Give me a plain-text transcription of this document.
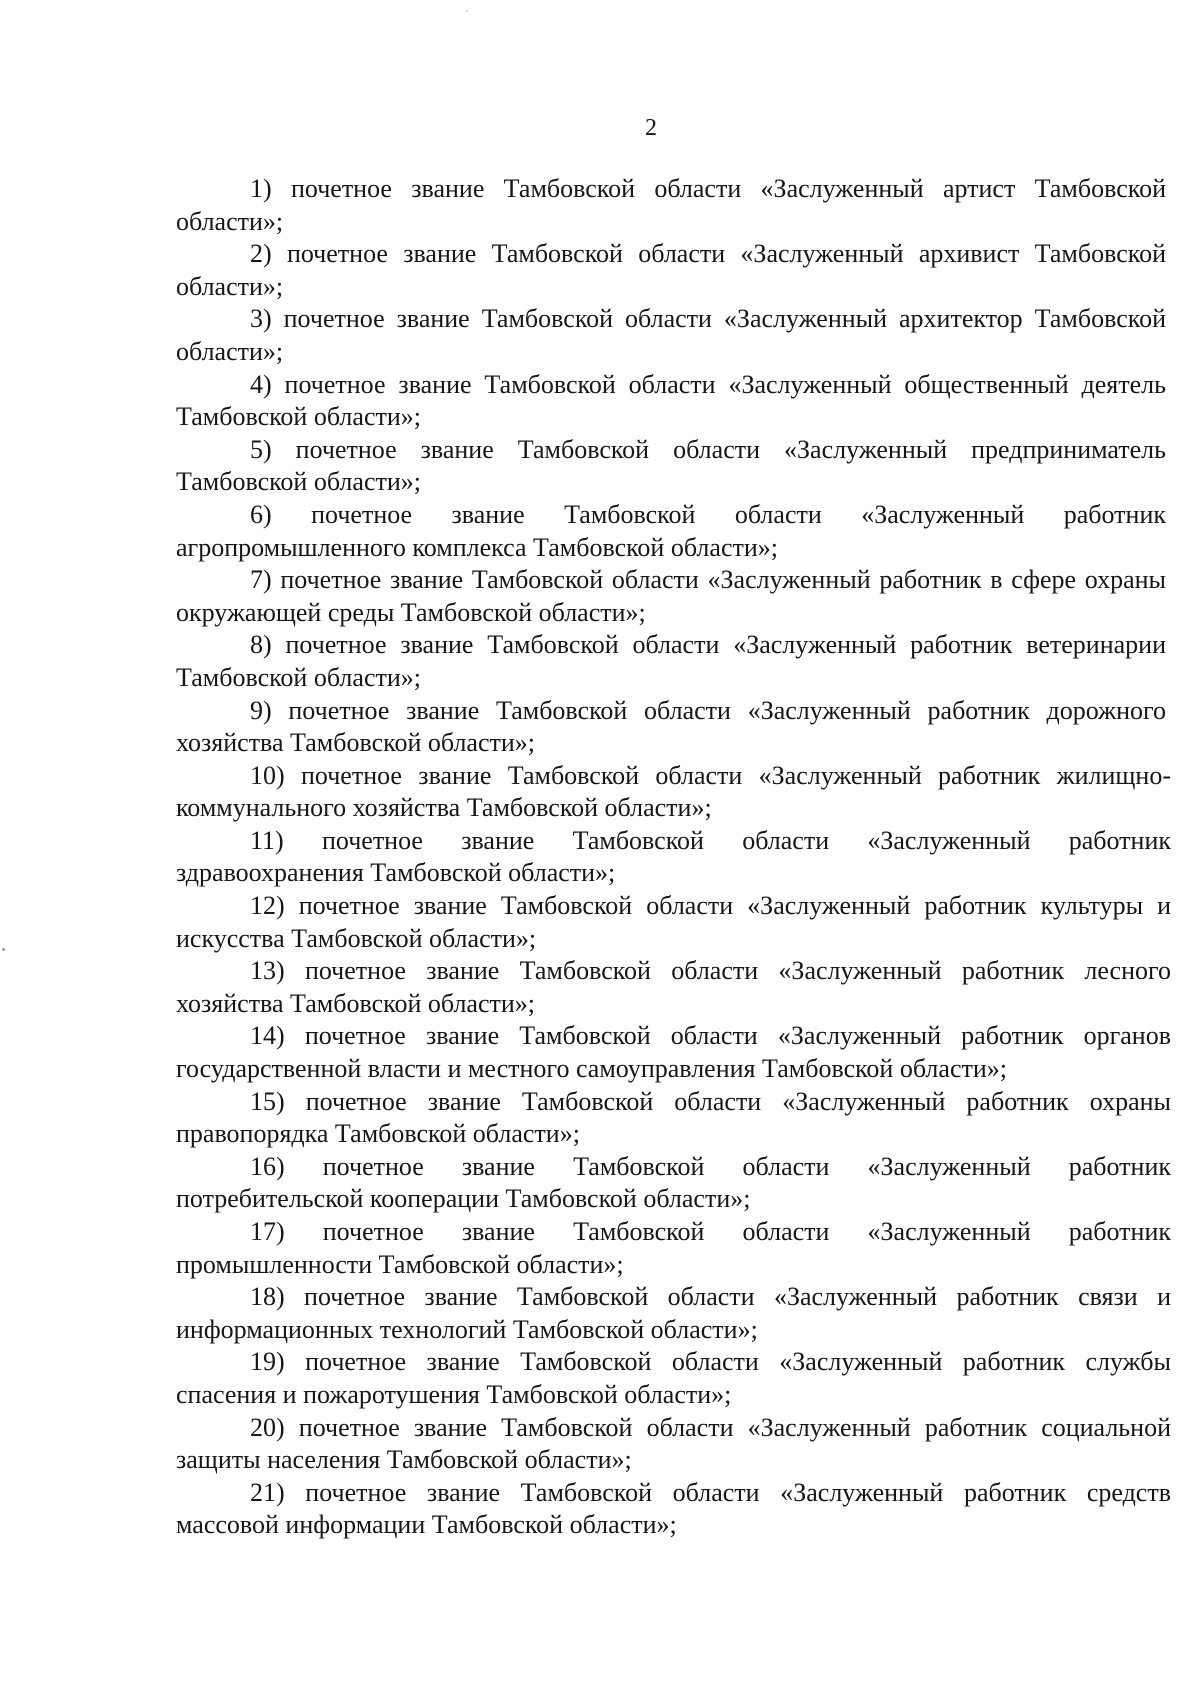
2

1) почетное звание Тамбовской области «Заслуженный артист Тамбовской области»;

2) почетное звание Тамбовской области «Заслуженный архивист Тамбовской области»;

3) почетное звание Тамбовской области «Заслуженный архитектор Тамбовской области»;

4) почетное звание Тамбовской области «Заслуженный общественный деятель Тамбовской области»;

5) почетное звание Тамбовской области «Заслуженный предприниматель Тамбовской области»;

6) почетное звание Тамбовской области «Заслуженный работник агропромышленного комплекса Тамбовской области»;

7) почетное звание Тамбовской области «Заслуженный работник в сфере охраны окружающей среды Тамбовской области»;

8) почетное звание Тамбовской области «Заслуженный работник ветеринарии Тамбовской области»;

9) почетное звание Тамбовской области «Заслуженный работник дорожного хозяйства Тамбовской области»;

10) почетное звание Тамбовской области «Заслуженный работник жилищно-коммунального хозяйства Тамбовской области»;

11) почетное звание Тамбовской области «Заслуженный работник здравоохранения Тамбовской области»;

12) почетное звание Тамбовской области «Заслуженный работник культуры и искусства Тамбовской области»;

13) почетное звание Тамбовской области «Заслуженный работник лесного хозяйства Тамбовской области»;

14) почетное звание Тамбовской области «Заслуженный работник органов государственной власти и местного самоуправления Тамбовской области»;

15) почетное звание Тамбовской области «Заслуженный работник охраны правопорядка Тамбовской области»;

16) почетное звание Тамбовской области «Заслуженный работник потребительской кооперации Тамбовской области»;

17) почетное звание Тамбовской области «Заслуженный работник промышленности Тамбовской области»;

18) почетное звание Тамбовской области «Заслуженный работник связи и информационных технологий Тамбовской области»;

19) почетное звание Тамбовской области «Заслуженный работник службы спасения и пожаротушения Тамбовской области»;

20) почетное звание Тамбовской области «Заслуженный работник социальной защиты населения Тамбовской области»;

21) почетное звание Тамбовской области «Заслуженный работник средств массовой информации Тамбовской области»;
